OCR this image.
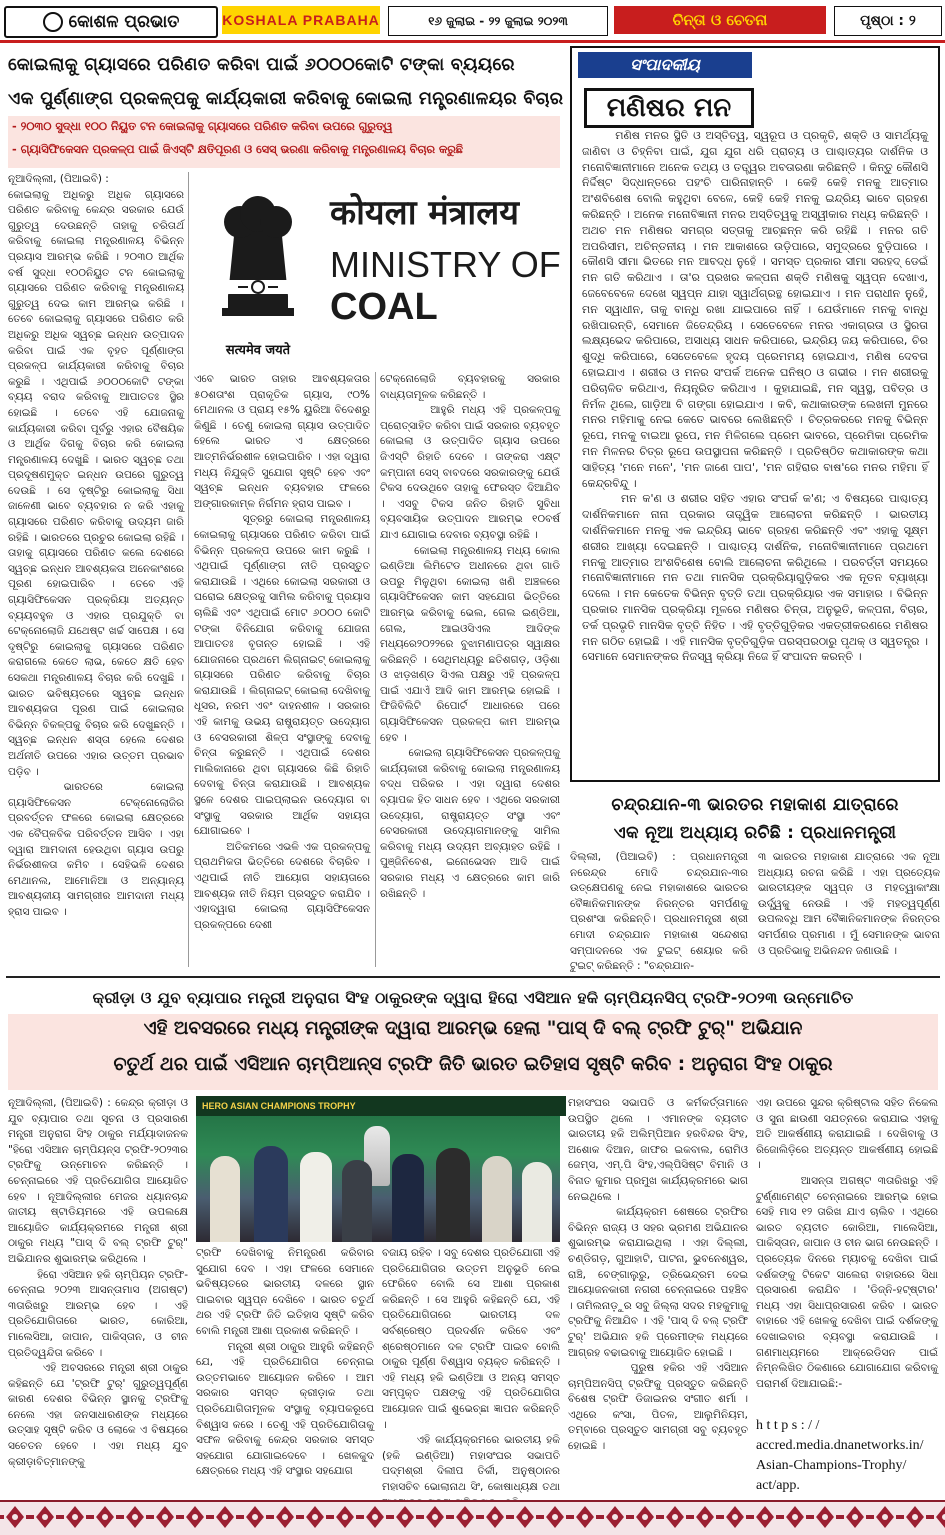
କୋଶଳ ପ୍ରଭାତ	KOSHALA PRABAHA	୧୬ ଜୁଲାଇ - ୨୨ ଜୁଲାଇ ୨୦୨୩	ଚିନ୍ତା ଓ ଚେତନା	ପୃଷ୍ଠା : ୨
କୋଇଲାକୁ ଗ୍ୟାସରେ ପରିଣତ କରିବା ପାଇଁ ୬୦୦୦କୋଟି ଟଙ୍କା ବ୍ୟୟରେ
ଏକ ପୁର୍ଣ୍ଣାଙ୍ଗ ପ୍ରକଳ୍ପକୁ କାର୍ଯ୍ୟକାରୀ କରିବାକୁ କୋଇଲା ମନ୍ତ୍ରଣାଳୟର ବିଚାର
- ୨୦୩୦ ସୁଦ୍ଧା ୧୦୦ ନିୟୁତ ଟନ କୋଇଲାକୁ ଗ୍ୟାସରେ ପରିଣତ କରିବା ଉପରେ ଗୁରୁତ୍ୱ
- ଗ୍ୟାସିଫିକେସନ ପ୍ରକଳ୍ପ ପାଇଁ ଜିଏସ୍ଟି କ୍ଷତିପୂରଣ ଓ ସେସ୍ ଭରଣା କରିବାକୁ ମନ୍ତ୍ରଣାଳୟ ବିଚାର କରୁଛି
सत्यमेव जयते
कोयला मंत्रालय
MINISTRY OF
COAL
ନୂଆଦିଲ୍ଲୀ, (ପିଆଇବି) :
କୋଇଲାକୁ ଅଧିକରୁ ଅଧିକ ଗ୍ୟାସରେ ପରିଣତ କରିବାକୁ କେନ୍ଦ୍ର ସରକାର ଯେଉଁ ଗୁରୁତ୍ୱ ଦେଉଛନ୍ତି ତାହାକୁ ଚରିତାର୍ଥ କରିବାକୁ କୋଇଲା ମନ୍ତ୍ରଣାଳୟ ବିଭିନ୍ନ ପ୍ରୟାସ ଆରମ୍ଭ କରିଛି । ୨୦୩୦ ଆର୍ଥିକ ବର୍ଷ ସୁଦ୍ଧା ୧୦୦ନିୟୁତ ଟନ କୋଇଲାକୁ ଗ୍ୟାସରେ ପରିଣତ କରିବାକୁ ମନ୍ତ୍ରଣାଳୟ ଗୁରୁତ୍ୱ ଦେଇ କାମ ଆରମ୍ଭ କରିଛି । ତେବେ କୋଇଲାକୁ ଗ୍ୟାସରେ ପରିଣତ କରି ଅଧିକରୁ ଅଧିକ ସ୍ୱଚ୍ଛ ଇନ୍ଧନ ଉତ୍ପାଦନ କରିବା ପାଇଁ ଏକ ବୃହତ ପୂର୍ଣ୍ଣାଙ୍ଗ ପ୍ରକଳ୍ପ କାର୍ଯ୍ୟକାରୀ କରିବାକୁ ବିଚାର କରୁଛି । ଏଥିପାଇଁ ୬୦୦୦କୋଟି ଟଙ୍କା ବ୍ୟୟ ବରାଦ କରିବାକୁ ଆପାତତଃ ସ୍ଥିର ହୋଇଛି । ତେବେ ଏହି ଯୋଜନାକୁ କାର୍ଯ୍ୟକାରୀ କରିବା ପୂର୍ବରୁ ଏହାର ବୈଷୟିକ ଓ ଆର୍ଥିକ ଦିଗକୁ ବିଚାର କରି କୋଇଲା ମନ୍ତ୍ରଣାଳୟ ଦେଖୁଛି । ଭାରତ ସ୍ୱଚ୍ଛ ତଥା ପ୍ରଦୂଷଣମୁକ୍ତ ଇନ୍ଧନ ଉପରେ ଗୁରୁତ୍ୱ ଦେଉଛି । ସେ ଦୃଷ୍ଟିରୁ କୋଇଲାକୁ ସିଧା ଜାଳେଣୀ ଭାବେ ବ୍ୟବହାର ନ କରି ଏହାକୁ ଗ୍ୟାସରେ ପରିଣତ କରିବାକୁ ଉଦ୍ୟମ ଜାରି ରହିଛି । ଭାରତରେ ପ୍ରଚୁର କୋଇଲା ରହିଛି । ତାହାକୁ ଗ୍ୟାସରେ ପରିଣତ କଲେ ଦେଶରେ ସ୍ୱଚ୍ଛ ଇନ୍ଧନ ଆବଶ୍ୟକତା ଅନେକାଂଶରେ ପୂରଣ ହୋଇପାରିବ । ତେବେ ଏହି ଗ୍ୟାସିଫିକେସନ ପ୍ରକ୍ରିୟା ଅତ୍ୟନ୍ତ ବ୍ୟୟବହୁଳ ଓ ଏହାର ପ୍ରଯୁକ୍ତି ବା ଟେକ୍ନୋଲୋଜି ଯଥେଷ୍ଟ ଖର୍ଚ୍ଚ ସାପେକ୍ଷ । ସେ ଦୃଷ୍ଟିରୁ କୋଇଲାକୁ ଗ୍ୟାସରେ ପରିଣତ କରାଗଲେ କେତେ ଲାଭ, କେତେ କ୍ଷତି ହେବ ସେକଥା ମନ୍ତ୍ରଣାଳୟ ବିଚାର କରି ଦେଖୁଛି । ଭାରତ ଭବିଷ୍ୟତରେ ସ୍ୱଚ୍ଛ ଇନ୍ଧନ ଆବଶ୍ୟକତା ପୂରଣ ପାଇଁ କୋଇଲାର ବିଭିନ୍ନ ବିକଳ୍ପକୁ ବିଚାର କରି ଦେଖୁଛନ୍ତି । ସ୍ୱଚ୍ଛ ଇନ୍ଧନ ଶସ୍ତା ହେଲେ ଦେଶର ଅର୍ଥନୀତି ଉପରେ ଏହାର ଉତ୍ତମ ପ୍ରଭାବ ପଡ଼ିବ ।
ଭାରତରେ      କୋଇଲା ଗ୍ୟାସିଫିକେସନ ଟେକ୍ନୋଲୋଜିର ପ୍ରବର୍ତ୍ତନ ଫଳରେ କୋଇଲା କ୍ଷେତ୍ରରେ ଏକ ବୈପ୍ଳବିକ ପରିବର୍ତ୍ତନ ଆସିବ । ଏହା ଦ୍ୱାରା ଆମଦାନୀ ହେଉଥିବା ଗ୍ୟାସ ଉପରୁ ନିର୍ଭରଶୀଳତା କମିବ । ସେହିଭଳି ଦେଶର ମେଥାନଲ, ଆମୋନିଆ ଓ ଅନ୍ୟାନ୍ୟ ଆବଶ୍ୟକୀୟ ସାମଗ୍ରୀର ଆମଦାନୀ ମଧ୍ୟ ହ୍ରାସ ପାଇବ ।
ଏବେ ଭାରତ ତାହାର ଆବଶ୍ୟକତାର ୫୦ଶତାଂଶ ପ୍ରାକୃତିକ ଗ୍ୟାସ, ୯୦% ମେଥାନଲ ଓ ପ୍ରାୟ ୧୫% ୟୁରିଆ ବିଦେଶରୁ କିଣୁଛି । ତେଣୁ କୋଇଲା ଗ୍ୟାସ ଉତ୍ପାଦିତ ହେଲେ ଭାରତ ଏ କ୍ଷେତ୍ରରେ ଆତ୍ମନିର୍ଭରଶୀଳ ହୋଇପାରିବ । ଏହା ଦ୍ୱାରା ମଧ୍ୟ ନିଯୁକ୍ତି ସୁଯୋଗ ସୃଷ୍ଟି ହେବ ଏବଂ ସ୍ୱଚ୍ଛ ଇନ୍ଧନ ବ୍ୟବହାର ଫଳରେ ଅଙ୍ଗାରକାମ୍ଳ ନିର୍ଗମନ ହ୍ରାସ ପାଇବ ।
ସୂତ୍ରରୁ କୋଇଲା ମନ୍ତ୍ରଣାଳୟ କୋଇଲାକୁ ଗ୍ୟାସରେ ପରିଣତ କରିବା ପାଇଁ ବିଭିନ୍ନ ପ୍ରକଳ୍ପ ଉପରେ କାମ କରୁଛି । ଏଥିପାଇଁ ପୂର୍ଣ୍ଣାଙ୍ଗ ନୀତି ପ୍ରସ୍ତୁତ କରାଯାଉଛି । ଏଥିରେ କୋଇଲା ସରକାରୀ ଓ ଘରୋଇ କ୍ଷେତ୍ରକୁ ସାମିଲ କରିବାକୁ ପ୍ରୟାସ ଚାଲିଛି ଏବଂ ଏଥିପାଇଁ ମୋଟ ୬୦୦୦ କୋଟି ଟଙ୍କା ବିନିଯୋଗ କରିବାକୁ ଯୋଜନା ଆପାତତଃ ବୃତାନ୍ତ ହୋଇଛି । ଏହି ଯୋଜନାରେ ପ୍ରଥମେ ଲିଗ୍ନାଇଟ୍ କୋଇଲାକୁ ଗ୍ୟାସରେ ପରିଣତ କରିବାକୁ ବିଚାର କରାଯାଉଛି । ଲିଗ୍ନାଇଟ୍ କୋଇଲା ଦେଖିବାକୁ ଧୂସର, ନରମ ଏବଂ ଦାହନଶୀଳ । ସରକାର ଏହି କାମକୁ ଉଭୟ ରାଷ୍ଟ୍ରାୟତ୍ତ ଉଦ୍ୟୋଗ ଓ ବେସରକାରୀ ଶିଳ୍ପ ସଂସ୍ଥାଙ୍କୁ ଦେବାକୁ ଚିନ୍ତା କରୁଛନ୍ତି । ଏଥିପାଇଁ ଦେଶର ମାଲିକାନାରେ ଥିବା ଗ୍ୟାସରେ କିଛି ରିହାତି ଦେବାକୁ ଚିନ୍ତା କରାଯାଉଛି । ଆବଶ୍ୟକ ସ୍ଥଳେ ଦେଶର ପାଇପ୍‌ଲାଇନ ଉଦ୍ୟୋଗ ବା ସଂସ୍ଥାକୁ ସରକାର ଆର୍ଥିକ ସହାୟତା ଯୋଗାଇବେ ।
ଅତିକମରେ ଏଭଳି ଏକ ପ୍ରକଳ୍ପକୁ ପ୍ରାଥମିକତା ଭିତ୍ତିରେ ଦେଶରେ ବିଚାରିବ । ଏଥିପାଇଁ ନୀତି ଆୟୋଗ ସହାୟତାରେ ଆବଶ୍ୟକ ନୀତି ନିୟମ ପ୍ରସ୍ତୁତ କରାଯିବ । ଏହାଦ୍ୱାରା କୋଇଲା ଗ୍ୟାସିଫିକେସନ ପ୍ରକଳ୍ପରେ ଦେଶୀ
ଟେକ୍ନୋଲୋଜି ବ୍ୟବହାରକୁ ସରକାର ବାଧ୍ୟତାମୂଳକ କରିଛନ୍ତି ।
ଆହୁରି ମଧ୍ୟ ଏହି ପ୍ରକଳ୍ପକୁ ପ୍ରୋତ୍ସାହିତ କରିବା ପାଇଁ ସରକାର ବ୍ୟବହୃତ କୋଇଲା ଓ ଉତ୍ପାଦିତ ଗ୍ୟାସ ଉପରେ ଜିଏସ୍ଟି ରିହାତି ଦେବେ । ତାଙ୍କରା ଏକ୍ଷ୍ଟ କମ୍ପାନୀ ସେସ୍ ବାବଦରେ ସରକାରଙ୍କୁ ଯେଉଁ ଟିକସ ଦେଉଥିବେ ତାହାକୁ ଫେରସ୍ତ ଦିଆଯିବ । ଏସବୁ ଟିକସ ଜନିତ ରିହାତି ସୁବିଧା ବ୍ୟବସାୟିକ ଉତ୍ପାଦନ ଆରମ୍ଭ ୧୦ବର୍ଷ ଯାଏ ଯୋଗାଇ ଦେବାର ବ୍ୟବସ୍ଥା ରହିଛି ।
କୋଇଲା ମନ୍ତ୍ରଣାଳୟ ମଧ୍ୟ କୋଲ ଇଣ୍ଡିଆ ଲିମିଟେଡ ଅଧୀନରେ ଥିବା ଗାଡି ଉପରୁ ମିଳୁଥିବା କୋଇଲା ଖଣି ଅଞ୍ଚଳରେ ଗ୍ୟାସିଫିକେସନ କାମ ସହଯୋଗ ଭିତ୍ତିରେ ଆରମ୍ଭ କରିବାକୁ ଭେଲ, ଗେଲ ଇଣ୍ଡିଆ, ଗେଲ, ଆଇଓସିଏଲ ଆଦିଙ୍କ ମଧ୍ୟରେ୨୦୨୨ରେ ବୁଝାମଣାପତ୍ର ସ୍ୱାକ୍ଷର କରିଛନ୍ତି । ସେଥିମଧ୍ୟରୁ ଛତିଶଗଡ଼, ଓଡ଼ିଶା ଓ ଝାଡ଼ଖଣ୍ଡ ସିଏଲ ପକ୍ଷରୁ ଏହି ପ୍ରକଳ୍ପ ପାଇଁ ଏଯାଏଁ ଆଦି କାମ ଆରମ୍ଭ ହୋଇଛି । ଫିଜିବିଲିଟି ରିପୋର୍ଟ ଆଧାରରେ ପରେ ଗ୍ୟାସିଫିକେସନ ପ୍ରକଳ୍ପ କାମ ଆରମ୍ଭ ହେବ ।
କୋଇଲା ଗ୍ୟାସିଫିକେସନ ପ୍ରକଳ୍ପକୁ କାର୍ଯ୍ୟକାରୀ କରିବାକୁ କୋଇଲା ମନ୍ତ୍ରଣାଳୟ ବଦ୍ଧ ପରିକର । ଏହା ଦ୍ୱାରା ଦେଶର ବ୍ୟାପକ ହିତ ସାଧନ ହେବ । ଏଥିରେ ସରକାରୀ ଉଦ୍ୟୋଗ, ରାଷ୍ଟ୍ରାୟତ୍ତ ସଂସ୍ଥା ଏବଂ ବେସରକାରୀ ଉଦ୍ୟୋଗମାନଙ୍କୁ ସାମିଲ କରିବାକୁ ମଧ୍ୟ ଉଦ୍ୟମ ଅବ୍ୟାହତ ରହିଛି । ପୁଞ୍ଜିନିବେଶ, ଇନୋଭେସନ ଆଦି ପାଇଁ ସରକାର ମଧ୍ୟ ଏ କ୍ଷେତ୍ରରେ କାମ ଜାରି ରଖିଛନ୍ତି ।
ସଂପାଦକୀୟ
ମଣିଷର ମନ
ମଣିଷ ମନର ସ୍ଥିତି ଓ ଅସ୍ତିତ୍ୱ, ସ୍ୱରୂପ ଓ ପ୍ରକୃତି, ଶକ୍ତି ଓ ସାମର୍ଥ୍ୟକୁ ଜାଣିବା ଓ ଚିହ୍ନିବା ପାଇଁ, ଯୁଗ ଯୁଗ ଧରି ପ୍ରାଚ୍ୟ ଓ ପାଶ୍ଚାତ୍ୟର ଦାର୍ଶନିକ ଓ ମନୋବିଜ୍ଞାନୀମାନେ ଅନେକ ତଥ୍ୟ ଓ ତତ୍ତ୍ୱର ଅବତାରଣା କରିଛନ୍ତି । କିନ୍ତୁ କୌଣସି ନିର୍ଦ୍ଦିଷ୍ଟ ସିଦ୍ଧାନ୍ତରେ ପହଂଚି ପାରିନାହାନ୍ତି । କେହି କେହି ମନକୁ ଆତ୍ମାର ଅଂଶବିଶେଷ ବୋଲି କହୁଥିବା ବେଳେ, କେହି କେହି ମନକୁ ଇନ୍ଦ୍ରିୟ ଭାବେ ଗ୍ରହଣ କରିଛନ୍ତି । ଅନେକ ମନୋବିଜ୍ଞାନୀ ମନର ଅସ୍ତିତ୍ୱକୁ ଅସ୍ୱୀକାର ମଧ୍ୟ କରିଛନ୍ତି । ଅଥଚ ମନ ମଣିଷର ସମଗ୍ର ସତ୍ତାକୁ ଆଚ୍ଛନ୍ନ କରି ରହିଛି । ମନର ଗତି ଅପରିସୀମ, ଅଚିନ୍ତନୀୟ । ମନ ଆକାଶରେ ଉଡ଼ିପାରେ, ସମୁଦ୍ରରେ ବୁଡ଼ିପାରେ । କୌଣସି ସୀମା ଭିତରେ ମନ ଆବଦ୍ଧ ନୁହେଁ । ସମସ୍ତ ପ୍ରକାର ସୀମା ସରହଦ୍ ଡେଇଁ ମନ ଗତି କରିଥାଏ । ତା'ର ପ୍ରଖର କଳ୍ପନା ଶକ୍ତି ମଣିଷକୁ ସ୍ୱପ୍ନ ଦେଖାଏ, ଜେବେବେଳେ ଦେଖେ ସ୍ୱପ୍ନ ଯାହା ସ୍ୱାର୍ଥଗ୍ରନ୍ଥ ହୋଇଯାଏ । ମନ ପରାଧୀନ ନୁହେଁ, ମନ ସ୍ୱାଧୀନ, ତାକୁ ବାନ୍ଧି ରଖା ଯାଇପାରେ ନାହିଁ । ଯେଉଁମାନେ ମନକୁ ବାନ୍ଧି ରଖିପାରନ୍ତି, ସେମାନେ ଜିତେନ୍ଦ୍ରିୟ । ସେତେବେଳେ ମନର ଏକାଗ୍ରତା ଓ ସ୍ଥିରତା ଲକ୍ଷ୍ୟଭେଦ କରିପାରେ, ଅସାଧ୍ୟ ସାଧନ କରିପାରେ, ଇନ୍ଦ୍ରିୟ ଜୟ କରିପାରେ, ଚିର ଶୁଦ୍ଧି କରିପାରେ, ସେତେବେଳେ ହୃଦୟ ପ୍ରେମମୟ ହୋଇଯାଏ, ମଣିଷ ଦେବତା ହୋଇଯାଏ । ଶରୀର ଓ ମନର ସଂପର୍କ ଅନେକ ଘନିଷ୍ଠ ଓ ଗଭୀର । ମନ ଶରୀରକୁ ପରିଚାଳିତ କରିଥାଏ, ନିୟନ୍ତ୍ରିତ କରିଥାଏ । କୁହାଯାଇଛି, ମନ ସ୍ୱସ୍ଥ, ପବିତ୍ର ଓ ନିର୍ମଳ ଥିଲେ, ଗାଡ଼ିଆ ବି ଗଙ୍ଗା ହୋଇଯାଏ । କବି, କଥାକାରଙ୍କ ଲେଖନୀ ମୁନରେ ମନର ମହିମାକୁ ନେଇ କେତେ ଭାବରେ ଲେଖିଛନ୍ତି । ଚିତ୍ରକରରେ ମନକୁ ବିଭିନ୍ନ ରୂପେ, ମନକୁ ବାଇଆ ରୂପେ, ମନ ମିଳିଗଲେ ପ୍ରେମ ଭାବରେ, ପ୍ରେମିକା ପ୍ରେମିକ ମନ ମିଳନର ଚିତ୍ର ରୂପେ ଉପସ୍ଥାପନା କରିଛନ୍ତି । ପ୍ରତିଷ୍ଠିତ କଥାକାରଙ୍କ କଥା ସାହିତ୍ୟ 'ମନେ ମନେ', 'ମନ ଜାଣେ ପାପ', 'ମନ ଗହିରାର ବାଷ'ରେ ମନର ମହିମା ହିଁ କେନ୍ଦ୍ରବିନ୍ଦୁ ।
ମନ କ'ଣ ଓ ଶରୀର ସହିତ ଏହାର ସଂପର୍କ କ'ଣ; ଏ ବିଷୟରେ ପାଶ୍ଚାତ୍ୟ ଦାର୍ଶନିକମାନେ ନାନା ପ୍ରକାର ତାତ୍ତ୍ୱିକ ଆଲୋଚନା କରିଛନ୍ତି । ଭାରତୀୟ ଦାର୍ଶନିକମାନେ ମନକୁ ଏକ ଇନ୍ଦ୍ରିୟ ଭାବେ ଗ୍ରହଣ କରିଛନ୍ତି ଏବଂ ଏହାକୁ ସୂକ୍ଷ୍ମ ଶରୀର ଆଖ୍ୟା ଦେଇଛନ୍ତି । ପାଶ୍ଚାତ୍ୟ ଦାର୍ଶନିକ, ମନୋବିଜ୍ଞାନୀମାନେ ପ୍ରଥମେ ମନକୁ ଆତ୍ମାର ଅଂଶବିଶେଷ ବୋଲି ଆଲୋଚନା କରିଥିଲେ । ପରବର୍ତ୍ତୀ ସମୟରେ ମନୋବିଜ୍ଞାନୀମାନେ ମନ ତଥା ମାନସିକ ପ୍ରକ୍ରିୟାଗୁଡ଼ିକର ଏକ ନୂତନ ବ୍ୟାଖ୍ୟା ଦେଲେ । ମନ କେତେକ ବିଭିନ୍ନ ବୃତ୍ତି ତଥା ପ୍ରକ୍ରିୟାର ଏକ ସମାହାର । ବିଭିନ୍ନ ପ୍ରକାର ମାନସିକ ପ୍ରକ୍ରିୟା ମୂଳରେ ମଣିଷର ଚିନ୍ତା, ଅନୁଭୂତି, କଳ୍ପନା, ବିଚାର, ତର୍କ ପ୍ରଭୃତି ମାନସିକ ବୃତ୍ତି ନିହିତ । ଏହି ବୃତ୍ତିଗୁଡ଼ିକର ଏକତ୍ରୀକରଣରେ ମଣିଷର ମନ ଗଠିତ ହୋଇଛି । ଏହି ମାନସିକ ବୃତ୍ତିଗୁଡ଼ିକ ପରସ୍ପରଠାରୁ ପୃଥକ୍ ଓ ସ୍ୱତନ୍ତ୍ର । ସେମାନେ ସେମାନଙ୍କର ନିଜସ୍ୱ କ୍ରିୟା ନିଜେ ହିଁ ସଂପାଦନ କରନ୍ତି ।
ଚନ୍ଦ୍ରଯାନ-୩ ଭାରତର ମହାକାଶ ଯାତ୍ରାରେ
ଏକ ନୂଆ ଅଧ୍ୟାୟ ରଚିଛି : ପ୍ରଧାନମନ୍ତ୍ରୀ
ଦିଲ୍ଲୀ, (ପିଆଇବି) : ପ୍ରଧାନମନ୍ତ୍ରୀ ନରେନ୍ଦ୍ର ମୋଦି ଚନ୍ଦ୍ରଯାନ-୩ର ଉତ୍କ୍ଷେପଣକୁ ନେଇ ମହାକାଶରେ ଭାରତର ବୈଜ୍ଞାନିକମାନଙ୍କ ନିରନ୍ତର ସମର୍ପଣକୁ ପ୍ରଶଂସା କରିଛନ୍ତି। ପ୍ରଧାନମନ୍ତ୍ରୀ ଶ୍ରୀ ମୋଦୀ ଚନ୍ଦ୍ରଯାନ ମହାକାଶ ସନ୍ଦେଶରା ସମ୍ପାଦନରେ ଏକ ଟୁଇଟ୍ ଶେୟାର କରି ଟୁଇଟ୍ କରିଛନ୍ତି : "ଚନ୍ଦ୍ରଯାନ-
୩ ଭାରତର ମହାକାଶ ଯାତ୍ରାରେ ଏକ ନୂଆ ଅଧ୍ୟାୟ ରଚନା କରିଛି । ଏହା ପ୍ରତ୍ୟେକ ଭାରତୀୟଙ୍କ ସ୍ୱପ୍ନ ଓ ମହତ୍ୱାକାଂକ୍ଷା ଉର୍ଦ୍ଧ୍ୱକୁ ନେଉଛି । ଏହି ମହତ୍ୱପୂର୍ଣ୍ଣ ଉପଲବ୍ଧି ଆମ ବୈଜ୍ଞାନିକମାନଙ୍କ ନିରନ୍ତର ସମର୍ପଣର ପ୍ରମାଣ । ମୁଁ ସେମାନଙ୍କ ଭାବନା ଓ ପ୍ରତିଭାକୁ ଅଭିନନ୍ଦନ ଜଣାଉଛି ।
କ୍ରୀଡ଼ା ଓ ଯୁବ ବ୍ୟାପାର ମନ୍ତ୍ରୀ ଅନୁରାଗ ସିଂହ ଠାକୁରଙ୍କ ଦ୍ୱାରା ହିରୋ ଏସିଆନ ହକି ଚାମ୍ପିୟନସିପ୍ ଟ୍ରଫି-୨୦୨୩ ଉନ୍ମୋଚିତ
ଏହି ଅବସରରେ ମଧ୍ୟ ମନ୍ତ୍ରୀଙ୍କ ଦ୍ୱାରା ଆରମ୍ଭ ହେଲା "ପାସ୍ ଦି ବଲ୍ ଟ୍ରଫି ଟୁର୍" ଅଭିଯାନ
ଚତୁର୍ଥ ଥର ପାଇଁ ଏସିଆନ ଚାମ୍ପିଆନ୍ସ ଟ୍ରଫି ଜିତି ଭାରତ ଇତିହାସ ସୃଷ୍ଟି କରିବ : ଅନୁରାଗ ସିଂହ ଠାକୁର
HERO ASIAN CHAMPIONS TROPHY
ନୂଆଦିଲ୍ଲୀ, (ପିଆଇବି) : କେନ୍ଦ୍ର କ୍ରୀଡ଼ା ଓ ଯୁବ ବ୍ୟାପାର ତଥା ସୂଚନା ଓ ପ୍ରସାରଣ ମନ୍ତ୍ରୀ ଅନୁରାଗ ସିଂହ ଠାକୁର ମର୍ଯ୍ୟାଦାଜନକ "ହିରୋ ଏସିଆନ ଚାମ୍ପିୟନ୍ସ ଟ୍ରଫି-୨୦୨୩ର ଟ୍ରଫିକୁ ଉନ୍ମୋଚନ କରିଛନ୍ତି । ଚେନ୍ନାଇରେ ଏହି ପ୍ରତିଯୋଗିତା ଆୟୋଜିତ ହେବ । ନୂଆଦିଲ୍ଲୀର ମେଜର ଧ୍ୟାନଚାନ୍ଦ ଜାତୀୟ ଷ୍ଟାଡିୟମରେ ଏହି ଉପଲକ୍ଷେ ଆୟୋଜିତ କାର୍ଯ୍ୟକ୍ରମରେ ମନ୍ତ୍ରୀ ଶ୍ରୀ ଠାକୁର ମଧ୍ୟ "ପାସ୍ ଦି ବଲ୍ ଟ୍ରଫି ଟୁର୍" ଅଭିଯାନର ଶୁଭାରମ୍ଭ କରିଥିଲେ ।
ହିରୋ ଏସିଆନ ହକି ଚାମ୍ପିୟନ ଟ୍ରଫି-ଚେନ୍ନାଇ ୨୦୨୩ ଆସନ୍ତାମାସ (ଅଗଷ୍ଟ) ୩ତାରିଖରୁ ଆରମ୍ଭ ହେବ । ଏହି ପ୍ରତିଯୋଗିତାରେ ଭାରତ, କୋରିଆ, ମାଲେସିଆ, ଜାପାନ, ପାକିସ୍ତାନ, ଓ ଚୀନ ପ୍ରତିଦ୍ୱନ୍ଦିତା କରିବେ ।
ଏହି ଅବସରରେ ମନ୍ତ୍ରୀ ଶ୍ରୀ ଠାକୁର କହିଛନ୍ତି ଯେ 'ଟ୍ରଫି ଟୁର୍' ଗୁରୁତ୍ୱପୂର୍ଣ୍ଣ କାରଣ ଦେଶର ବିଭିନ୍ନ ସ୍ଥାନକୁ ଟ୍ରଫିକୁ ନେଲେ ଏହା ଜନସାଧାରଣଙ୍କ ମଧ୍ୟରେ ଉତ୍ସାହ ସୃଷ୍ଟି କରିବ ଓ ଲୋକେ ଏ ବିଷୟରେ ସଚେତନ ହେବେ । ଏହା ମଧ୍ୟ ଯୁବ କ୍ରୀଡ଼ାବିତ୍‌ମାନଙ୍କୁ
ଟ୍ରଫି ଦେଖିବାକୁ ନିମନ୍ତ୍ରଣ କରିବାର ସୁଯୋଗ ଦେବ । ଏହା ଫଳରେ ସେମାନେ ଭବିଷ୍ୟତରେ ଭାରତୀୟ ଦଳରେ ସ୍ଥାନ ପାଇବାର ସ୍ୱପ୍ନ ଦେଖିବେ । ଭାରତ ଚତୁର୍ଥ ଥର ଏହି ଟ୍ରଫି ଜିତି ଇତିହାସ ସୃଷ୍ଟି କରିବ ବୋଲି ମନ୍ତ୍ରୀ ଆଶା ପ୍ରକାଶ କରିଛନ୍ତି ।
ମନ୍ତ୍ରୀ ଶ୍ରୀ ଠାକୁର ଆହୁରି କହିଛନ୍ତି ଯେ, ଏହି ପ୍ରତିଯୋଗିତା ଚେନ୍ନାଇ ଉତ୍ତମଭାବେ ଆୟୋଜନ କରିବେ । ଆମ ସରକାର ସମସ୍ତ କ୍ରୀଡ଼ାକ ତଥା ପ୍ରତିଯୋଗିତାମୂଳକ ସଂସ୍ଥାକୁ ବ୍ୟାପକରୂପେ ବିଶ୍ୱାସ କରେ । ତେଣୁ ଏହି ପ୍ରତିଯୋଗିତାକୁ ସଫଳ କରିବାକୁ କେନ୍ଦ୍ର ସରକାର ସମସ୍ତ ସହଯୋଗ ଯୋଗାଇଦେବେ । ଖେଳକୁଦ କ୍ଷେତ୍ରରେ ମଧ୍ୟ ଏହି ସଂସ୍ଥାର ସହଯୋଗ
ବଜାୟ ରହିବ । ସବୁ ଦେଶର ପ୍ରତିଯୋଗୀ ଏହି ପ୍ରତିଯୋଗିତାର ଉତ୍ତମ ଅନୁଭୂତି ନେଇ ଫେରିବେ ବୋଲି ସେ ଆଶା ପ୍ରକାଶ କରିଛନ୍ତି । ସେ ଆହୁରି କହିଛନ୍ତି ଯେ, ଏହି ପ୍ରତିଯୋଗିତାରେ ଭାରତୀୟ ଦଳ ସର୍ବଶ୍ରେଷ୍ଠ ପ୍ରଦର୍ଶନ କରିବେ ଏବଂ ଶ୍ରେଷ୍ଠମାନେ ଦଳ ଟ୍ରଫି ପାଇବ ବୋଲି ଠାକୁର ପୂର୍ଣ୍ଣ ବିଶ୍ୱାସ ବ୍ୟକ୍ତ କରିଛନ୍ତି । ଏହି ମଧ୍ୟ ହକି ଇଣ୍ଡିଆ ଓ ଅନ୍ୟ ସମସ୍ତ ସମ୍ପୃକ୍ତ ପକ୍ଷଙ୍କୁ ଏହି ପ୍ରତିଯୋଗିତା ଆୟୋଜନ ପାଇଁ ଶୁଭେଚ୍ଛା ଜ୍ଞାପନ କରିଛନ୍ତି ।
ଏହି କାର୍ଯ୍ୟକ୍ରମରେ ଭାରତୀୟ ହକି (ହକି ଇଣ୍ଡିଆ) ମହାସଂଘର ସଭାପତି ପଦ୍ମଶ୍ରୀ ଦିଲୀପ ତିର୍କୀ, ଅନୁଷ୍ଠାନର ମହାସଚିବ ଭୋଲାନାଥ ସିଂ, କୋଷାଧ୍ୟକ୍ଷ ତଥା
ମହାସଂଘର ସଭାପତି ଓ କର୍ମକର୍ତ୍ତାମାନେ ଉପସ୍ଥିତ ଥିଲେ । ଏମାନଙ୍କ ବ୍ୟତୀତ ଭାରତୀୟ ହକି ଅଲିମ୍ପିଆନ ହରବିନ୍ଦର ସିଂହ, ଅଶୋକ ଦିଆନ, ଜାଫର ଇକବାଲ, ରୋମିଓ ଜେମ୍ସ, ଏମ୍.ପି ସିଂହ,ଏଲ୍‌ପିସିଷ୍ଟ ବିମାନି ଓ ବିନାତ କୁମାର ପ୍ରମୁଖ କାର୍ଯ୍ୟକ୍ରମରେ ଭାଗ ନେଇଥିଲେ ।
କାର୍ଯ୍ୟକ୍ରମ ଶେଷରେ ଟ୍ରଫିର ବିଭିନ୍ନ ରାଜ୍ୟ ଓ ସହର ଭ୍ରମଣ ଅଭିଯାନର ଶୁଭାରମ୍ଭ କରାଯାଇଥିଲା । ଏହା ଦିଲ୍ଲୀ, ଚଣ୍ଡିଗଡ଼, ଗୁଆହାଟି, ପାଟନା, ଭୁବନେଶ୍ୱର, ରାଞ୍ଚି, ବେଙ୍ଗାଲୁରୁ, ତ୍ରିଭେନ୍ଦ୍ରମ ଦେଇ ଆୟୋଜନକାରୀ ନଗରୀ ଚେନ୍ନାଇରେ ପହଞ୍ଚିବ । ତାମିଲନାଡ଼ୁର ସବୁ ଜିଲ୍ଲା ସଦର ମହକୁମାକୁ ଟ୍ରଫିକୁ ନିଆଯିବ । ଏହି 'ପାସ୍ ଦି ବଲ୍ ଟ୍ରଫି ଟୁର୍' ଅଭିଯାନ ହକି ପ୍ରେମୀଙ୍କ ମଧ୍ୟରେ ଆଗ୍ରହ ବଢାଇବାକୁ ଆୟୋଜିତ ହୋଇଛି ।
ପୁରୁଷ ହକିର ଏହି ଏସିଆନ ଚାମ୍ପିଅନସିପ୍ ଟ୍ରଫିକୁ ପ୍ରସ୍ତୁତ କରିଛନ୍ତି ବିଶେଷ ଟ୍ରଫି ଡିଜାଇନର ସଂଗୀତ ଶର୍ମା । ଏଥିରେ କଂସା, ପିତଳ, ଆଲୁମିନିୟମ, ତମ୍ବାରେ ପ୍ରସ୍ତୁତ ସାମଗ୍ରୀ ସବୁ ବ୍ୟବହୃତ ହୋଇଛି ।
ଏହା ଉପରେ ସୁନ୍ଦର କ୍ରିଷ୍ଟାଲ ସହିତ ନିକେଲ ଓ ସୁନା ଛାଉଣୀ ସଯତ୍ନରେ କରାଯାଇ ଏହାକୁ ଅତି ଆକର୍ଷଣୀୟ କରାଯାଇଛି । ଦେଖିବାକୁ ଓ ରିଜୋଲିଡ଼ିରେ ଅତ୍ୟନ୍ତ ଆକର୍ଷଣୀୟ ହୋଇଛି ।
ଆସନ୍ତା ଅଗଷ୍ଟ ୩ତାରିଖରୁ ଏହି ଟୁର୍ଣ୍ଣାମେଣ୍ଟ ଚେନ୍ନାଇରେ ଆରମ୍ଭ ହୋଇ ସେହି ମାସ ୧୨ ତାରିଖ ଯାଏ ଚାଲିବ । ଏଥିରେ ଭାରତ ବ୍ୟତୀତ କୋରିଆ, ମାଲେସିଆ, ପାକିସ୍ତାନ, ଜାପାନ ଓ ଚୀନ ଭାଗ ନେଉଛନ୍ତି । ପ୍ରତ୍ୟେକ ଦିନରେ ମ୍ୟାଚକୁ ଦେଖିବା ପାଇଁ ଦର୍ଶକଙ୍କୁ ଟିକେଟ ସାଲେରା ବାହାରରେ ସିଧା ପ୍ରସାରଣ କରାଯିବ । 'ଡିଜ୍ନି-ହଟ୍‌ଷ୍ଟାର' ମଧ୍ୟ ଏହା ସିଧାପ୍ରସାରଣ କରିବ । ଭାରତ ବାହାରେ ଏହି ଖେଳକୁ ଦେଖିବା ପାଇଁ ଦର୍ଶକଙ୍କୁ ଦେଖାଇବାର ବ୍ୟବସ୍ଥା କରାଯାଉଛି । ଗଣମାଧ୍ୟମରେ ଆକ୍ରେଡିସନ ପାଇଁ ନିମ୍ନଲିଖିତ ଠିକଣାରେ ଯୋଗାଯୋଗ କରିବାକୁ ପରାମର୍ଶ ଦିଆଯାଇଛି:-
h t t p s : / /
accred.media.dnanetworks.in/
Asian-Champions-Trophy/
act/app.
